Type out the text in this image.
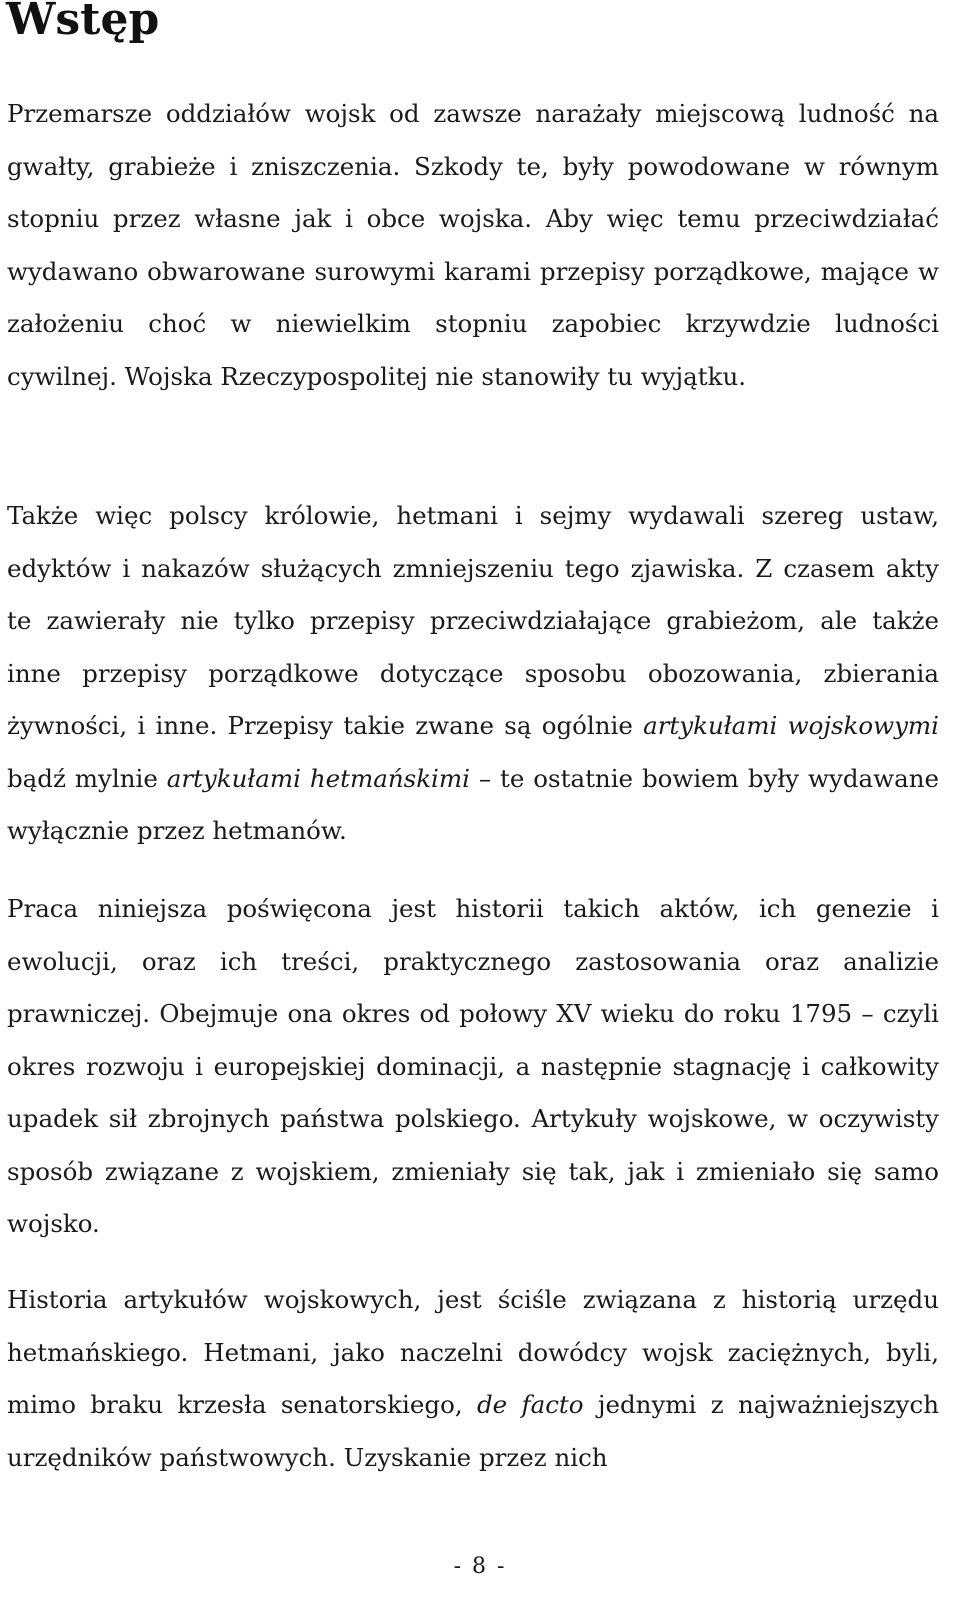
Wstęp

Przemarsze oddziałów wojsk od zawsze narażały miejscową ludność na gwałty, grabieże i zniszczenia. Szkody te, były powodowane w równym stopniu przez własne jak i obce wojska. Aby więc temu przeciwdziałać wydawano obwarowane surowymi karami przepisy porządkowe, mające w założeniu choć w niewielkim stopniu zapobiec krzywdzie ludności cywilnej. Wojska Rzeczypospolitej nie stanowiły tu wyjątku.

Także więc polscy królowie, hetmani i sejmy wydawali szereg ustaw, edyktów i nakazów służących zmniejszeniu tego zjawiska. Z czasem akty te zawierały nie tylko przepisy przeciwdziałające grabieżom, ale także inne przepisy porządkowe dotyczące sposobu obozowania, zbierania żywności, i inne. Przepisy takie zwane są ogólnie artykułami wojskowymi bądź mylnie artykułami hetmańskimi – te ostatnie bowiem były wydawane wyłącznie przez hetmanów.

Praca niniejsza poświęcona jest historii takich aktów, ich genezie i ewolucji, oraz ich treści, praktycznego zastosowania oraz analizie prawniczej. Obejmuje ona okres od połowy XV wieku do roku 1795 – czyli okres rozwoju i europejskiej dominacji, a następnie stagnację i całkowity upadek sił zbrojnych państwa polskiego. Artykuły wojskowe, w oczywisty sposób związane z wojskiem, zmieniały się tak, jak i zmieniało się samo wojsko.

Historia artykułów wojskowych, jest ściśle związana z historią urzędu hetmańskiego. Hetmani, jako naczelni dowódcy wojsk zaciężnych, byli, mimo braku krzesła senatorskiego, de facto jednymi z najważniejszych urzędników państwowych. Uzyskanie przez nich

- 8 -
